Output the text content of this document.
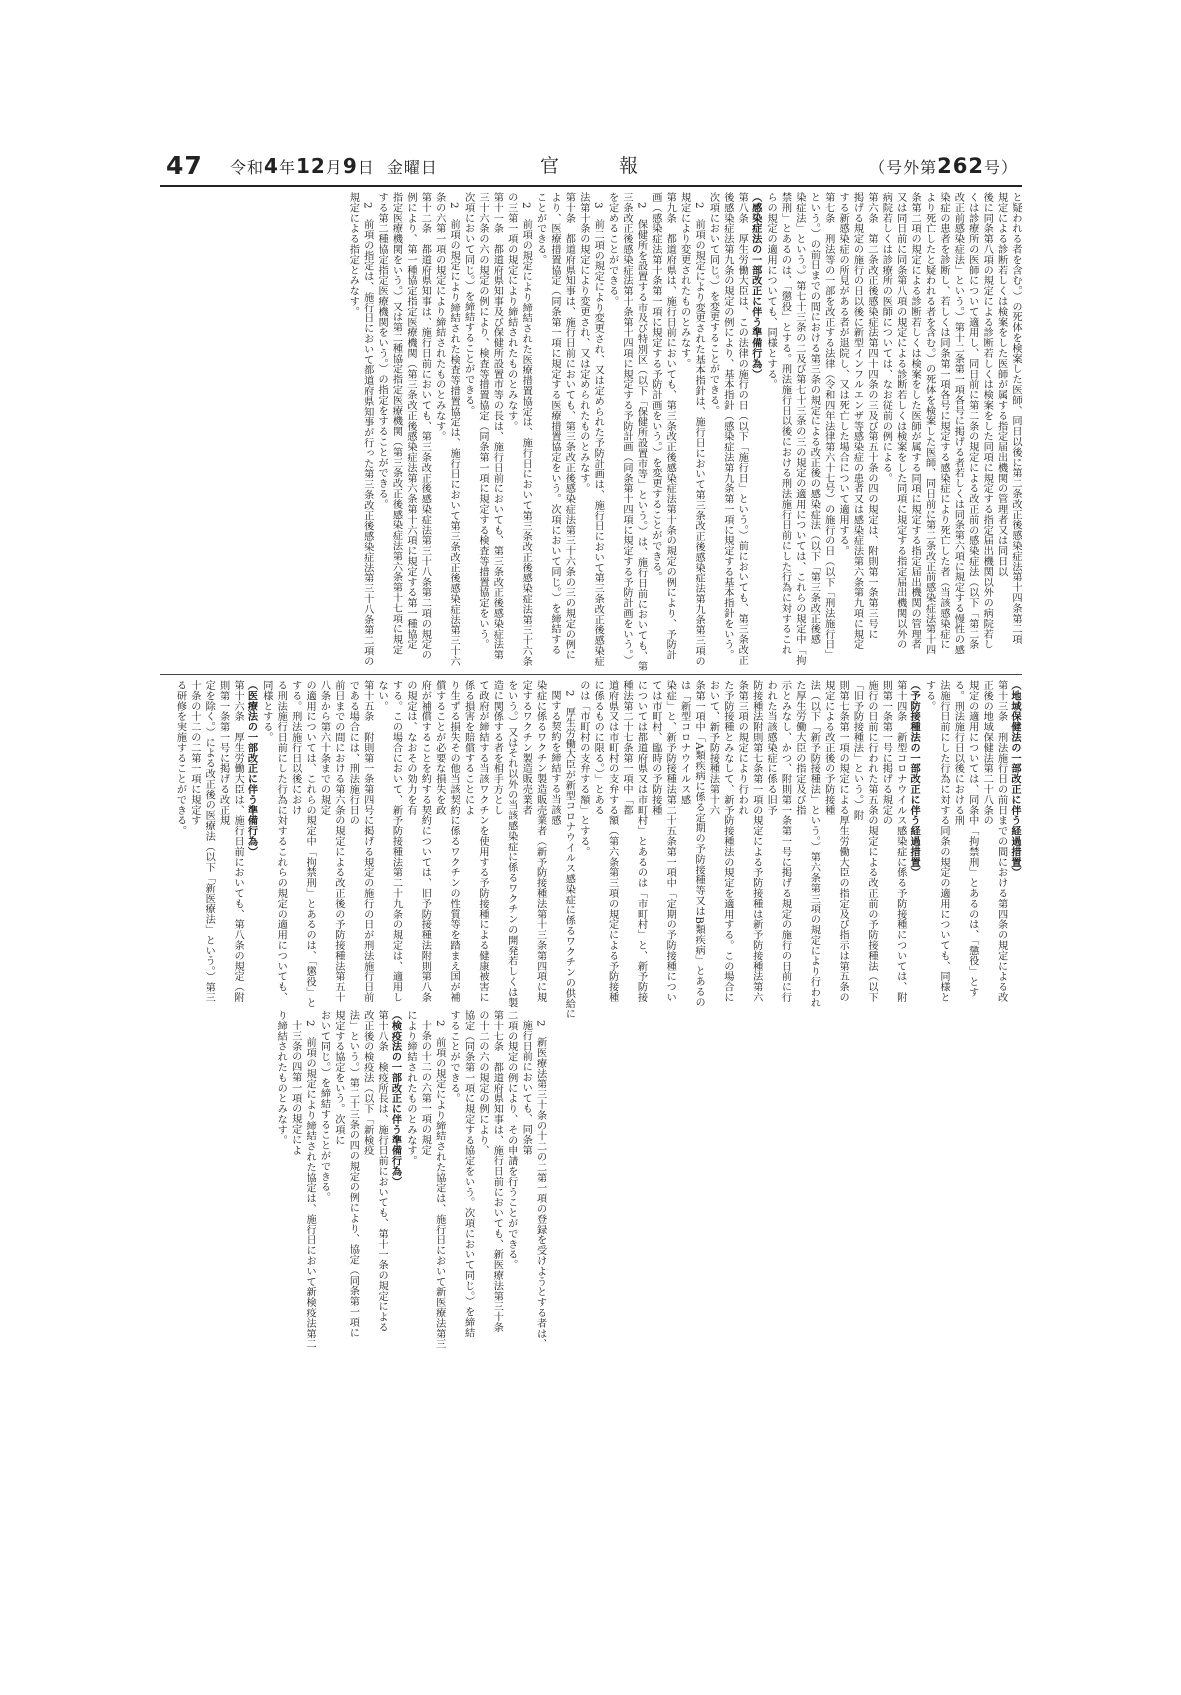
47 令和4年12月9日 金曜日	官報	（号外第262号）
と疑われる者を含む。）の死体を検案した医師、同日以後に第二条改正後感染症法第十四条第二項
規定による診断若しくは検案をした医師が属する指定届出機関の管理者又は同日以
後に同条第八項の規定による診断若しくは検案をした同項に規定する指定届出機関以外の病院若し
くは診療所の医師について適用し、同日前に第二条の規定による改正前の感染症法（以下「第二条
改正前感染症法」という。）第十二条第一項各号に掲げる者若しくは同条第六項に規定する慢性の感
染症の患者を診断し、若しくは同条第一項各号に規定する感染症により死亡した者（当該感染症に
より死亡したと疑われる者を含む。）の死体を検案した医師、同日前に第二条改正前感染症法第十四
条第二項の規定による診断若しくは検案をした医師が属する同項に規定する指定届出機関の管理者
又は同日前に同条第八項の規定による診断若しくは検案をした同項に規定する指定届出機関以外の
病院若しくは診療所の医師については、なお従前の例による。
第六条　第二条改正後感染症法第四十四条の三及び第五十条の四の規定は、附則第一条第三号に
掲げる規定の施行の日以後に新型インフルエンザ等感染症の患者又は感染症法第六条第九項に規定
する新感染症の所見がある者が退院し、又は死亡した場合について適用する。
第七条　刑法等の一部を改正する法律（令和四年法律第六十七号）の施行の日（以下「刑法施行日」
という。）の前日までの間における第三条の規定による改正後の感染症法（以下「第三条改正後感
染症法」という。）第七十三条の二及び第七十三条の三の規定の適用については、これらの規定中「拘
禁刑」とあるのは、「懲役」とする。刑法施行日以後における刑法施行日前にした行為に対するこれ
らの規定の適用についても、同様とする。
（感染症法の一部改正に伴う準備行為）
第八条　厚生労働大臣は、この法律の施行の日（以下「施行日」という。）前においても、第三条改正
後感染症法第九条の規定の例により、基本指針（感染症法第九条第一項に規定する基本指針をいう。
次項において同じ。）を変更することができる。
2　前項の規定により変更された基本指針は、施行日において第三条改正後感染症法第九条第三項の
規定により変更されたものとみなす。
第九条　都道府県は、施行日前においても、第三条改正後感染症法第十条の規定の例により、予防計
画（感染症法第十条第一項に規定する予防計画をいう。）を変更することができる。
2　保健所を設置する市及び特別区（以下「保健所設置市等」という。）は、施行日前においても、第
三条改正後感染症法第十条第十四項に規定する予防計画（同条第十四項に規定する予防計画をいう。）
を定めることができる。
3　前二項の規定により変更され、又は定められた予防計画は、施行日において第三条改正後感染症
法第十条の規定により変更され、又は定められたものとみなす。
第十条　都道府県知事は、施行日前においても、第三条改正後感染症法第三十六条の三の規定の例に
より、医療措置協定（同条第一項に規定する医療措置協定をいう。次項において同じ。）を締結する
ことができる。
2　前項の規定により締結された医療措置協定は、施行日において第三条改正後感染症法第三十六条
の三第一項の規定により締結されたものとみなす。
第十一条　都道府県知事及び保健所設置市等の長は、施行日前においても、第三条改正後感染症法第
三十六条の六の規定の例により、検査等措置協定（同条第一項に規定する検査等措置協定をいう。
次項において同じ。）を締結することができる。
2　前項の規定により締結された検査等措置協定は、施行日において第三条改正後感染症法第三十六
条の六第一項の規定により締結されたものとみなす。
第十二条　都道府県知事は、施行日前においても、第三条改正後感染症法第三十八条第二項の規定の
例により、第一種協定指定医療機関（第三条改正後感染症法第六条第十六項に規定する第一種協定
指定医療機関をいう。）又は第二種協定指定医療機関（第三条改正後感染症法第六条第十七項に規定
する第二種協定指定医療機関をいう。）の指定をすることができる。
2　前項の指定は、施行日において都道府県知事が行った第三条改正後感染症法第三十八条第二項の
規定による指定とみなす。
（地域保健法の一部改正に伴う経過措置）
第十三条　刑法施行日の前日までの間における第四条の規定による改正後の地域保健法第二十八条の
規定の適用については、同条中「拘禁刑」とあるのは、「懲役」とする。刑法施行日以後における刑
法施行日前にした行為に対する同条の規定の適用についても、同様とする。
（予防接種法の一部改正に伴う経過措置）
第十四条　新型コロナウイルス感染症に係る予防接種については、附則第一条第一号に掲げる規定の
施行の日前に行われた第五条の規定による改正前の予防接種法（以下「旧予防接種法」という。）附
則第七条第一項の規定による厚生労働大臣の指定及び指示は第五条の規定による改正後の予防接種
法（以下「新予防接種法」という。）第六条第三項の規定により行われた厚生労働大臣の指定及び指
示とみなし、かつ、附則第一条第一号に掲げる規定の施行の日前に行われた当該感染症に係る旧予
防接種法附則第七条第一項の規定による予防接種は新予防接種法第六条第三項の規定により行われ
た予防接種とみなして、新予防接種法の規定を適用する。この場合において、新予防接種法第十六
条第一項中「A類疾病に係る定期の予防接種等又はB類疾病」とあるのは「新型コロナウイルス感
染症」と、新予防接種法第二十五条第一項中「定期の予防接種については市町村、臨時の予防接種
については都道府県又は市町村」とあるのは「市町村」と、新予防接種法第二十七条第一項中「都
道府県又は市町村の支弁する額（第六条第三項の規定による予防接種に係るものに限る。）」とある
のは「市町村の支弁する額」とする。
2　厚生労働大臣が新型コロナウイルス感染症に係るワクチンの供給に関する契約を締結する当該感
染症に係るワクチン製造販売業者（新予防接種法第十三条第四項に規定するワクチン製造販売業者
をいう。）又はそれ以外の当該感染症に係るワクチンの開発若しくは製造に関係する者を相手方とし
て政府が締結する当該ワクチンを使用する予防接種による健康被害に係る損害を賠償することによ
り生ずる損失その他当該契約に係るワクチンの性質等を踏まえ国が補償することが必要な損失を政
府が補償することを約する契約については、旧予防接種法附則第八条の規定は、なおその効力を有
する。この場合において、新予防接種法第二十九条の規定は、適用しない。
第十五条　附則第一条第四号に掲げる規定の施行の日が刑法施行日前である場合には、刑法施行日の
前日までの間における第六条の規定による改正後の予防接種法第五十八条から第六十条までの規定
の適用については、これらの規定中「拘禁刑」とあるのは、「懲役」とする。刑法施行日以後におけ
る刑法施行日前にした行為に対するこれらの規定の適用についても、同様とする。
（医療法の一部改正に伴う準備行為）
第十六条　厚生労働大臣は、施行日前においても、第八条の規定（附則第一条第一号に掲げる改正規
定を除く。）による改正後の医療法（以下「新医療法」という。）第三十条の十二の二第一項に規定す
る研修を実施することができる。
2　新医療法第三十条の十二の二第一項の登録を受けようとする者は、施行日前においても、同条第
二項の規定の例により、その申請を行うことができる。
第十七条　都道府県知事は、施行日前においても、新医療法第三十条の十二の六の規定の例により、
協定（同条第一項に規定する協定をいう。次項において同じ。）を締結することができる。
2　前項の規定により締結された協定は、施行日において新医療法第三十条の十二の六第一項の規定
により締結されたものとみなす。
（検疫法の一部改正に伴う準備行為）
第十八条　検疫所長は、施行日前においても、第十一条の規定による改正後の検疫法（以下「新検疫
法」という。）第二十三条の四の規定の例により、協定（同条第一項に規定する協定をいう。次項に
おいて同じ。）を締結することができる。
2　前項の規定により締結された協定は、施行日において新検疫法第二十三条の四第一項の規定によ
り締結されたものとみなす。
